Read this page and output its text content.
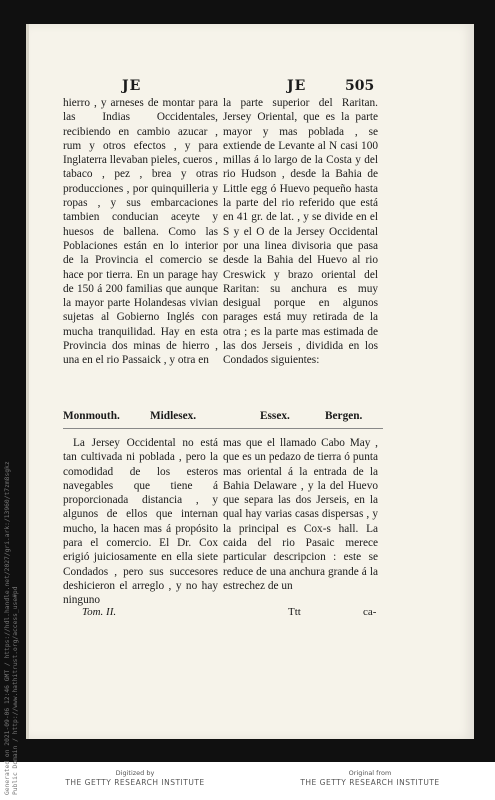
JE	JE	505

hierro , y arneses de montar para las Indias Occidentales, recibiendo en cambio azucar , rum y otros efectos , y para Inglaterra llevaban pieles, cueros , tabaco , pez , brea y otras producciones , por quinquilleria y ropas , y sus embarcaciones tambien conducian aceyte y huesos de ballena. Como las Poblaciones están en lo interior de la Provincia el comercio se hace por tierra. En un parage hay de 150 á 200 familias que aunque la mayor parte Holandesas vivian sujetas al Gobierno Inglés con mucha tranquilidad. Hay en esta Provincia dos minas de hierro , una en el rio Passaick , y otra en

la parte superior del Raritan. Jersey Oriental, que es la parte mayor y mas poblada , se extiende de Levante al N casi 100 millas á lo largo de la Costa y del rio Hudson , desde la Bahia de Little egg ó Huevo pequeño hasta la parte del rio referido que está en 41 gr. de lat. , y se divide en el S y el O de la Jersey Occidental por una linea divisoria que pasa desde la Bahia del Huevo al rio Creswick y brazo oriental del Raritan: su anchura es muy desigual porque en algunos parages está muy retirada de la otra ; es la parte mas estimada de las dos Jerseis , dividida en los Condados siguientes:

Monmouth.	Midlesex.	Essex.	Bergen.

La Jersey Occidental no está tan cultivada ni poblada , pero la comodidad de los esteros navegables que tiene á proporcionada distancia , y algunos de ellos que internan mucho, la hacen mas á propósito para el comercio. El Dr. Cox erigió juiciosamente en ella siete Condados , pero sus succesores deshicieron el arreglo , y no hay ninguno

mas que el llamado Cabo May , que es un pedazo de tierra ó punta mas oriental á la entrada de la Bahia Delaware , y la del Huevo que separa las dos Jerseis, en la qual hay varias casas dispersas , y la principal es Cox-s hall. La caida del rio Pasaic merece particular descripcion : este se reduce de una anchura grande á la estrechez de un

Tom. II.	Ttt	ca-
Generated on 2021-09-06 12:46 GMT / https://hdl.handle.net/2027/gri.ark:/13960/t7zm8sgkz Public Domain / http://www.hathitrust.org/access_use#pd	Digitized by
THE GETTY RESEARCH INSTITUTE
Original from
THE GETTY RESEARCH INSTITUTE
